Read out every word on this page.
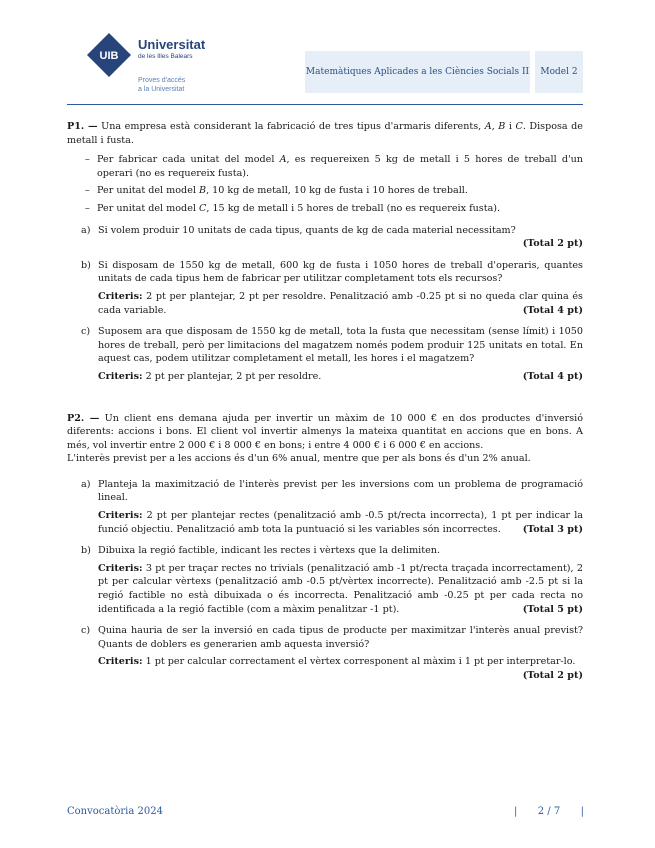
UIB
Universitat
de les Illes Balears
Proves d'accés
a la Universitat
Matemàtiques Aplicades a les Ciències Socials II	Model 2

P1. — Una empresa està considerant la fabricació de tres tipus d'armaris diferents, A, B i C. Disposa de metall i fusta.

– Per fabricar cada unitat del model A, es requereixen 5 kg de metall i 5 hores de treball d'un operari (no es requereix fusta).
– Per unitat del model B, 10 kg de metall, 10 kg de fusta i 10 hores de treball.
– Per unitat del model C, 15 kg de metall i 5 hores de treball (no es requereix fusta).
a) Si volem produir 10 unitats de cada tipus, quants de kg de cada material necessitam?
(Total 2 pt)
b) Si disposam de 1550 kg de metall, 600 kg de fusta i 1050 hores de treball d'operaris, quantes unitats de cada tipus hem de fabricar per utilitzar completament tots els recursos?
Criteris: 2 pt per plantejar, 2 pt per resoldre. Penalització amb -0.25 pt si no queda clar quina és cada variable.	(Total 4 pt)
c) Suposem ara que disposam de 1550 kg de metall, tota la fusta que necessitam (sense límit) i 1050 hores de treball, però per limitacions del magatzem només podem produir 125 unitats en total. En aquest cas, podem utilitzar completament el metall, les hores i el magatzem?
(Total 4 pt)
Criteris: 2 pt per plantejar, 2 pt per resoldre.

P2. — Un client ens demana ajuda per invertir un màxim de 10 000 € en dos productes d'inversió diferents: accions i bons. El client vol invertir almenys la mateixa quantitat en accions que en bons. A més, vol invertir entre 2 000 € i 8 000 € en bons; i entre 4 000 € i 6 000 € en accions.

L'interès previst per a les accions és d'un 6% anual, mentre que per als bons és d'un 2% anual.

a) Planteja la maximització de l'interès previst per les inversions com un problema de programació lineal.
Criteris: 2 pt per plantejar rectes (penalització amb -0.5 pt/recta incorrecta), 1 pt per indicar la funció objectiu. Penalització amb tota la puntuació si les variables són incorrectes. (Total 3 pt)
b) Dibuixa la regió factible, indicant les rectes i vèrtexs que la delimiten.
Criteris: 3 pt per traçar rectes no trivials (penalització amb -1 pt/recta traçada incorrectament), 2 pt per calcular vèrtexs (penalització amb -0.5 pt/vèrtex incorrecte). Penalització amb -2.5 pt si la regió factible no està dibuixada o és incorrecta. Penalització amb -0.25 pt per cada recta no identificada a la regió factible (com a màxim penalitzar -1 pt).	(Total 5 pt)
c) Quina hauria de ser la inversió en cada tipus de producte per maximitzar l'interès anual previst? Quants de doblers es generarien amb aquesta inversió?
Criteris: 1 pt per calcular correctament el vèrtex corresponent al màxim i 1 pt per interpretar-lo.
(Total 2 pt)
Convocatòria 2024	| 2 / 7 |
